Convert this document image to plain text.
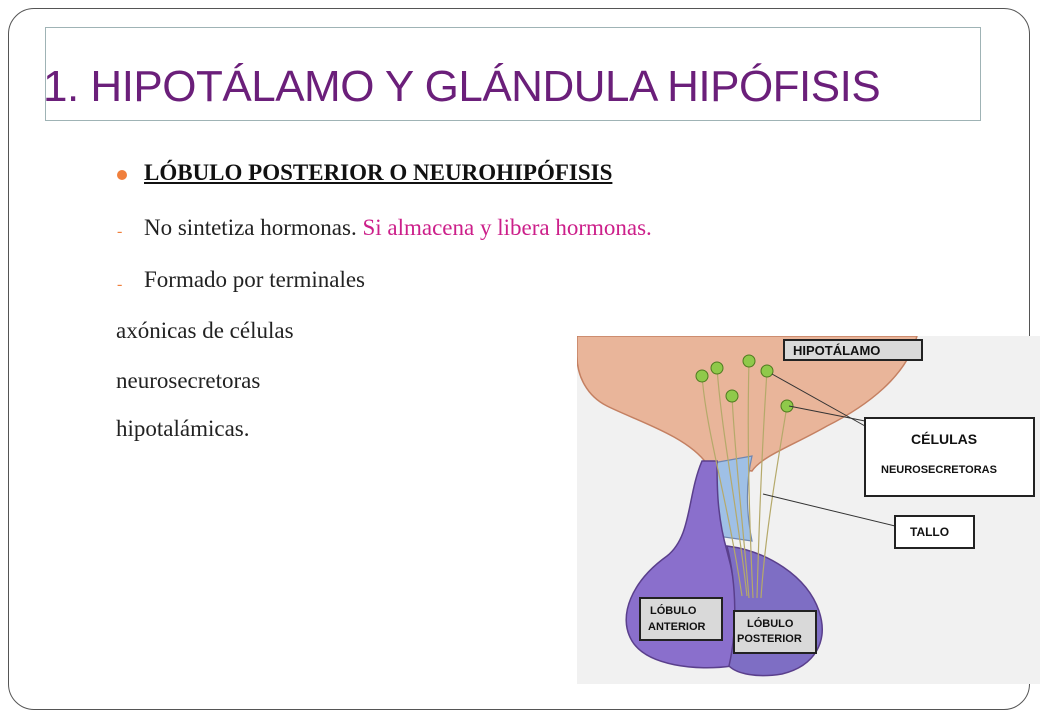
1. HIPOTÁLAMO Y GLÁNDULA HIPÓFISIS
LÓBULO POSTERIOR O NEUROHIPÓFISIS
- No sintetiza hormonas. Si almacena y libera hormonas.
- Formado por terminales
axónicas de células
neurosecretoras
hipotalámicas.
HIPOTÁLAMO
CÉLULAS
NEUROSECRETORAS
TALLO
LÓBULO
ANTERIOR	LÓBULO
POSTERIOR
